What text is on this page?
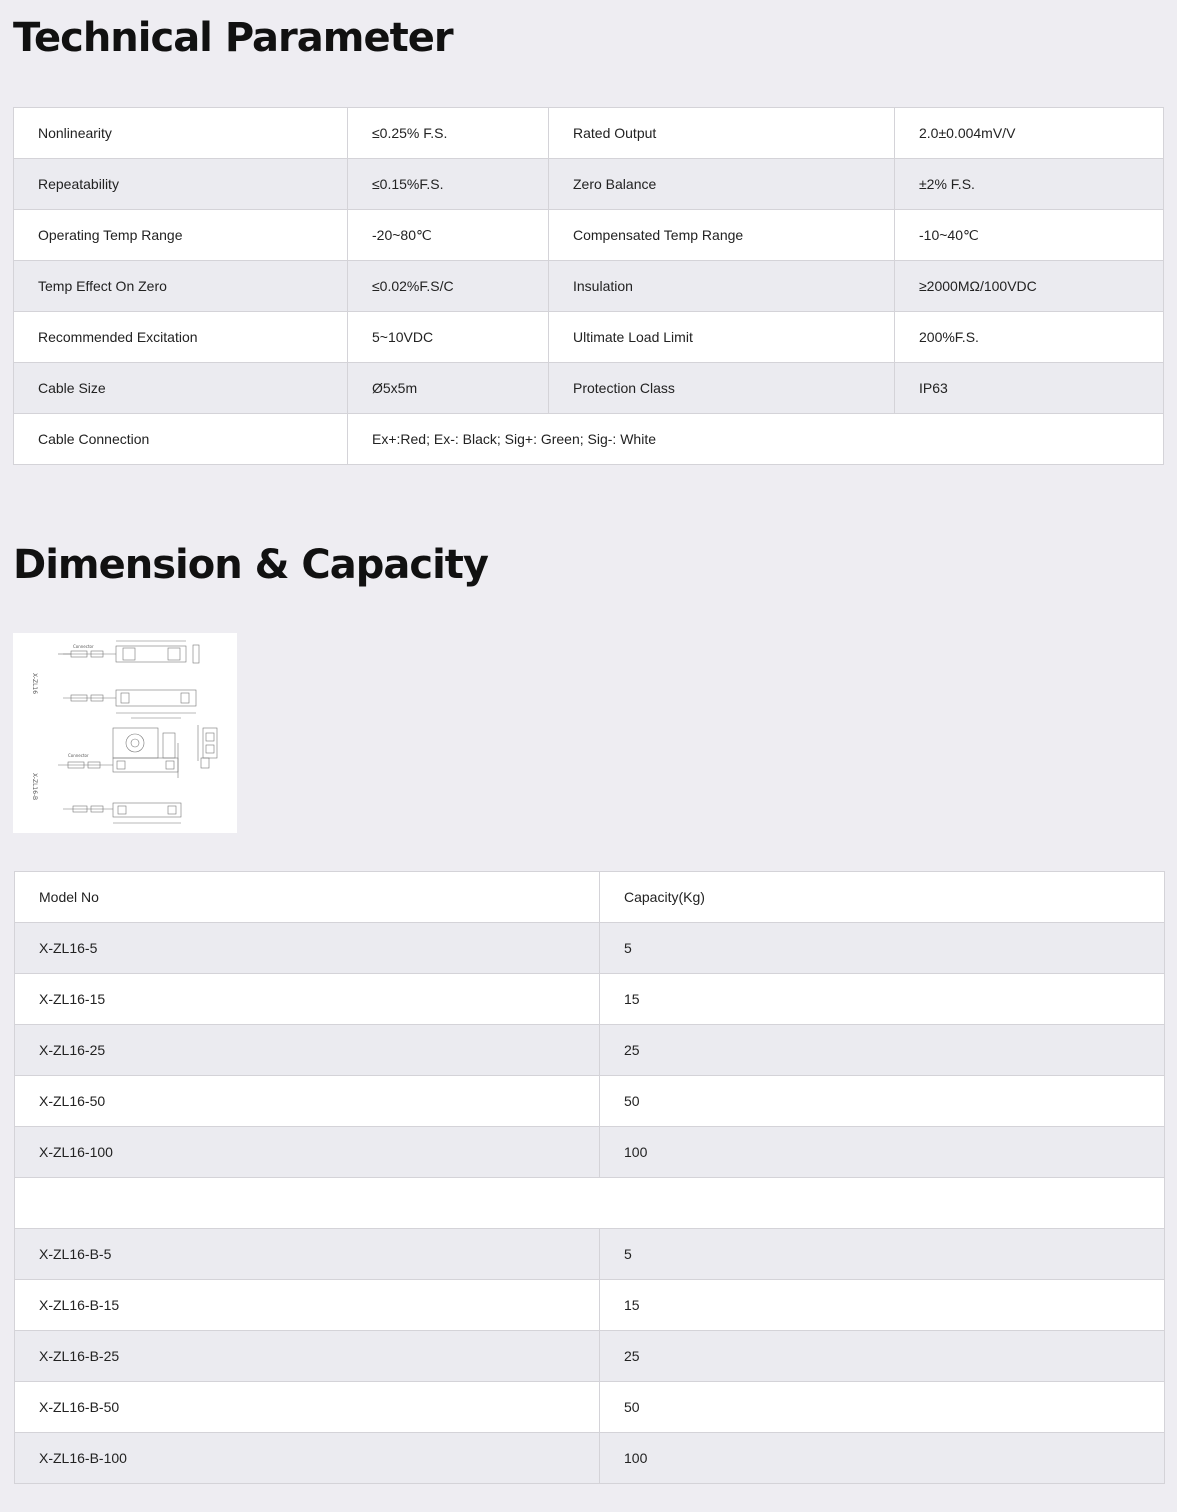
Technical Parameter
Nonlinearity	≤0.25% F.S.	Rated Output	2.0±0.004mV/V
Repeatability	≤0.15%F.S.	Zero Balance	±2% F.S.
Operating Temp Range	-20~80℃	Compensated Temp Range	-10~40℃
Temp Effect On Zero	≤0.02%F.S/C	Insulation	≥2000MΩ/100VDC
Recommended Excitation	5~10VDC	Ultimate Load Limit	200%F.S.
Cable Size	Ø5x5m	Protection Class	IP63
Cable Connection	Ex+:Red; Ex-: Black; Sig+: Green; Sig-: White		
Dimension & Capacity
X-ZL16
X-ZL16-B
Connector
Connector
Model No	Capacity(Kg)
X-ZL16-5	5
X-ZL16-15	15
X-ZL16-25	25
X-ZL16-50	50
X-ZL16-100	100

X-ZL16-B-5	5
X-ZL16-B-15	15
X-ZL16-B-25	25
X-ZL16-B-50	50
X-ZL16-B-100	100
